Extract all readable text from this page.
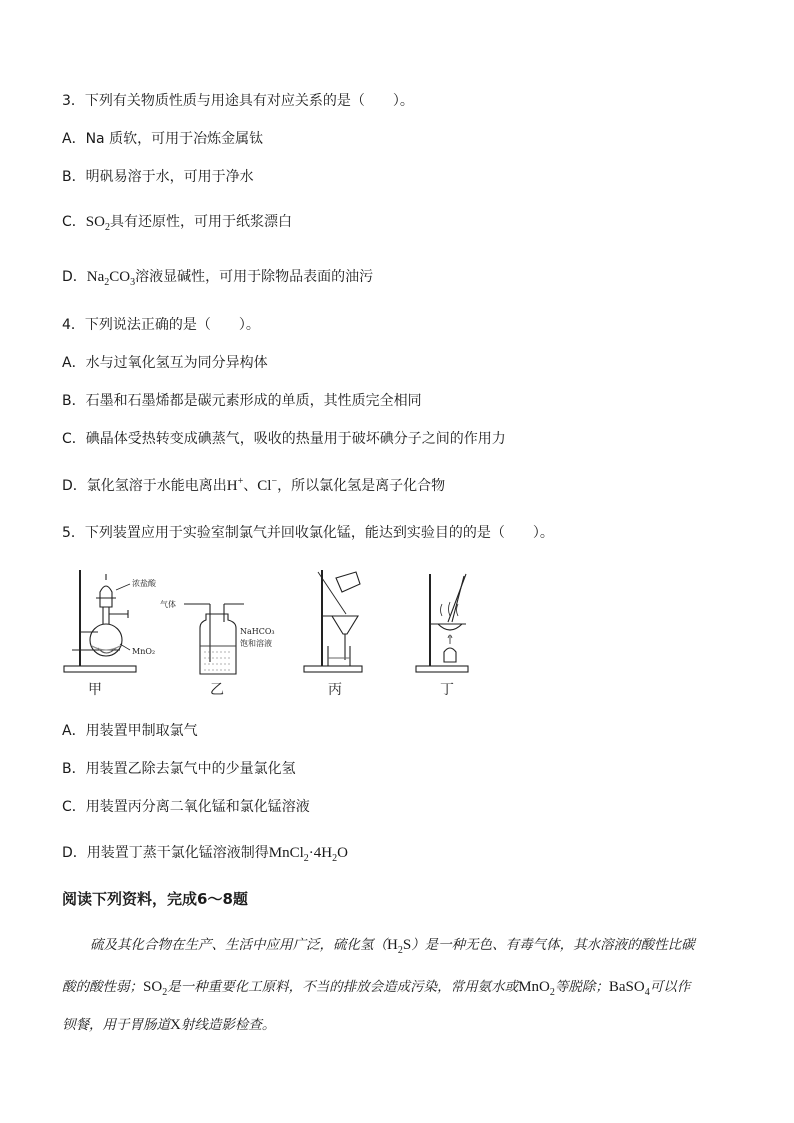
3．下列有关物质性质与用途具有对应关系的是（　　）。
A．Na 质软，可用于冶炼金属钛
B．明矾易溶于水，可用于净水
C．$SO_2$具有还原性，可用于纸浆漂白
D．$Na_2CO_3$溶液显碱性，可用于除物品表面的油污
4．下列说法正确的是（　　）。
A．水与过氧化氢互为同分异构体
B．石墨和石墨烯都是碳元素形成的单质，其性质完全相同
C．碘晶体受热转变成碘蒸气，吸收的热量用于破坏碘分子之间的作用力
D．氯化氢溶于水能电离出H+、Cl−，所以氯化氢是离子化合物
5．下列装置应用于实验室制氯气并回收氯化锰，能达到实验目的的是（　　）。
浓盐酸
MnO₂
甲
气体
NaHCO₃
饱和溶液
乙	丙	丁
A．用装置甲制取氯气
B．用装置乙除去氯气中的少量氯化氢
C．用装置丙分离二氧化锰和氯化锰溶液
D．用装置丁蒸干氯化锰溶液制得$MnCl_2\cdot 4H_2O$
阅读下列资料，完成6～8题
硫及其化合物在生产、生活中应用广泛，硫化氢$(H_2S)$是一种无色、有毒气体，其水溶液的酸性比碳
酸的酸性弱；$SO_2$是一种重要化工原料，不当的排放会造成污染，常用氨水或MnO$_2$等脱除；BaSO$_4$可以作
钡餐，用于胃肠道X射线造影检查。
